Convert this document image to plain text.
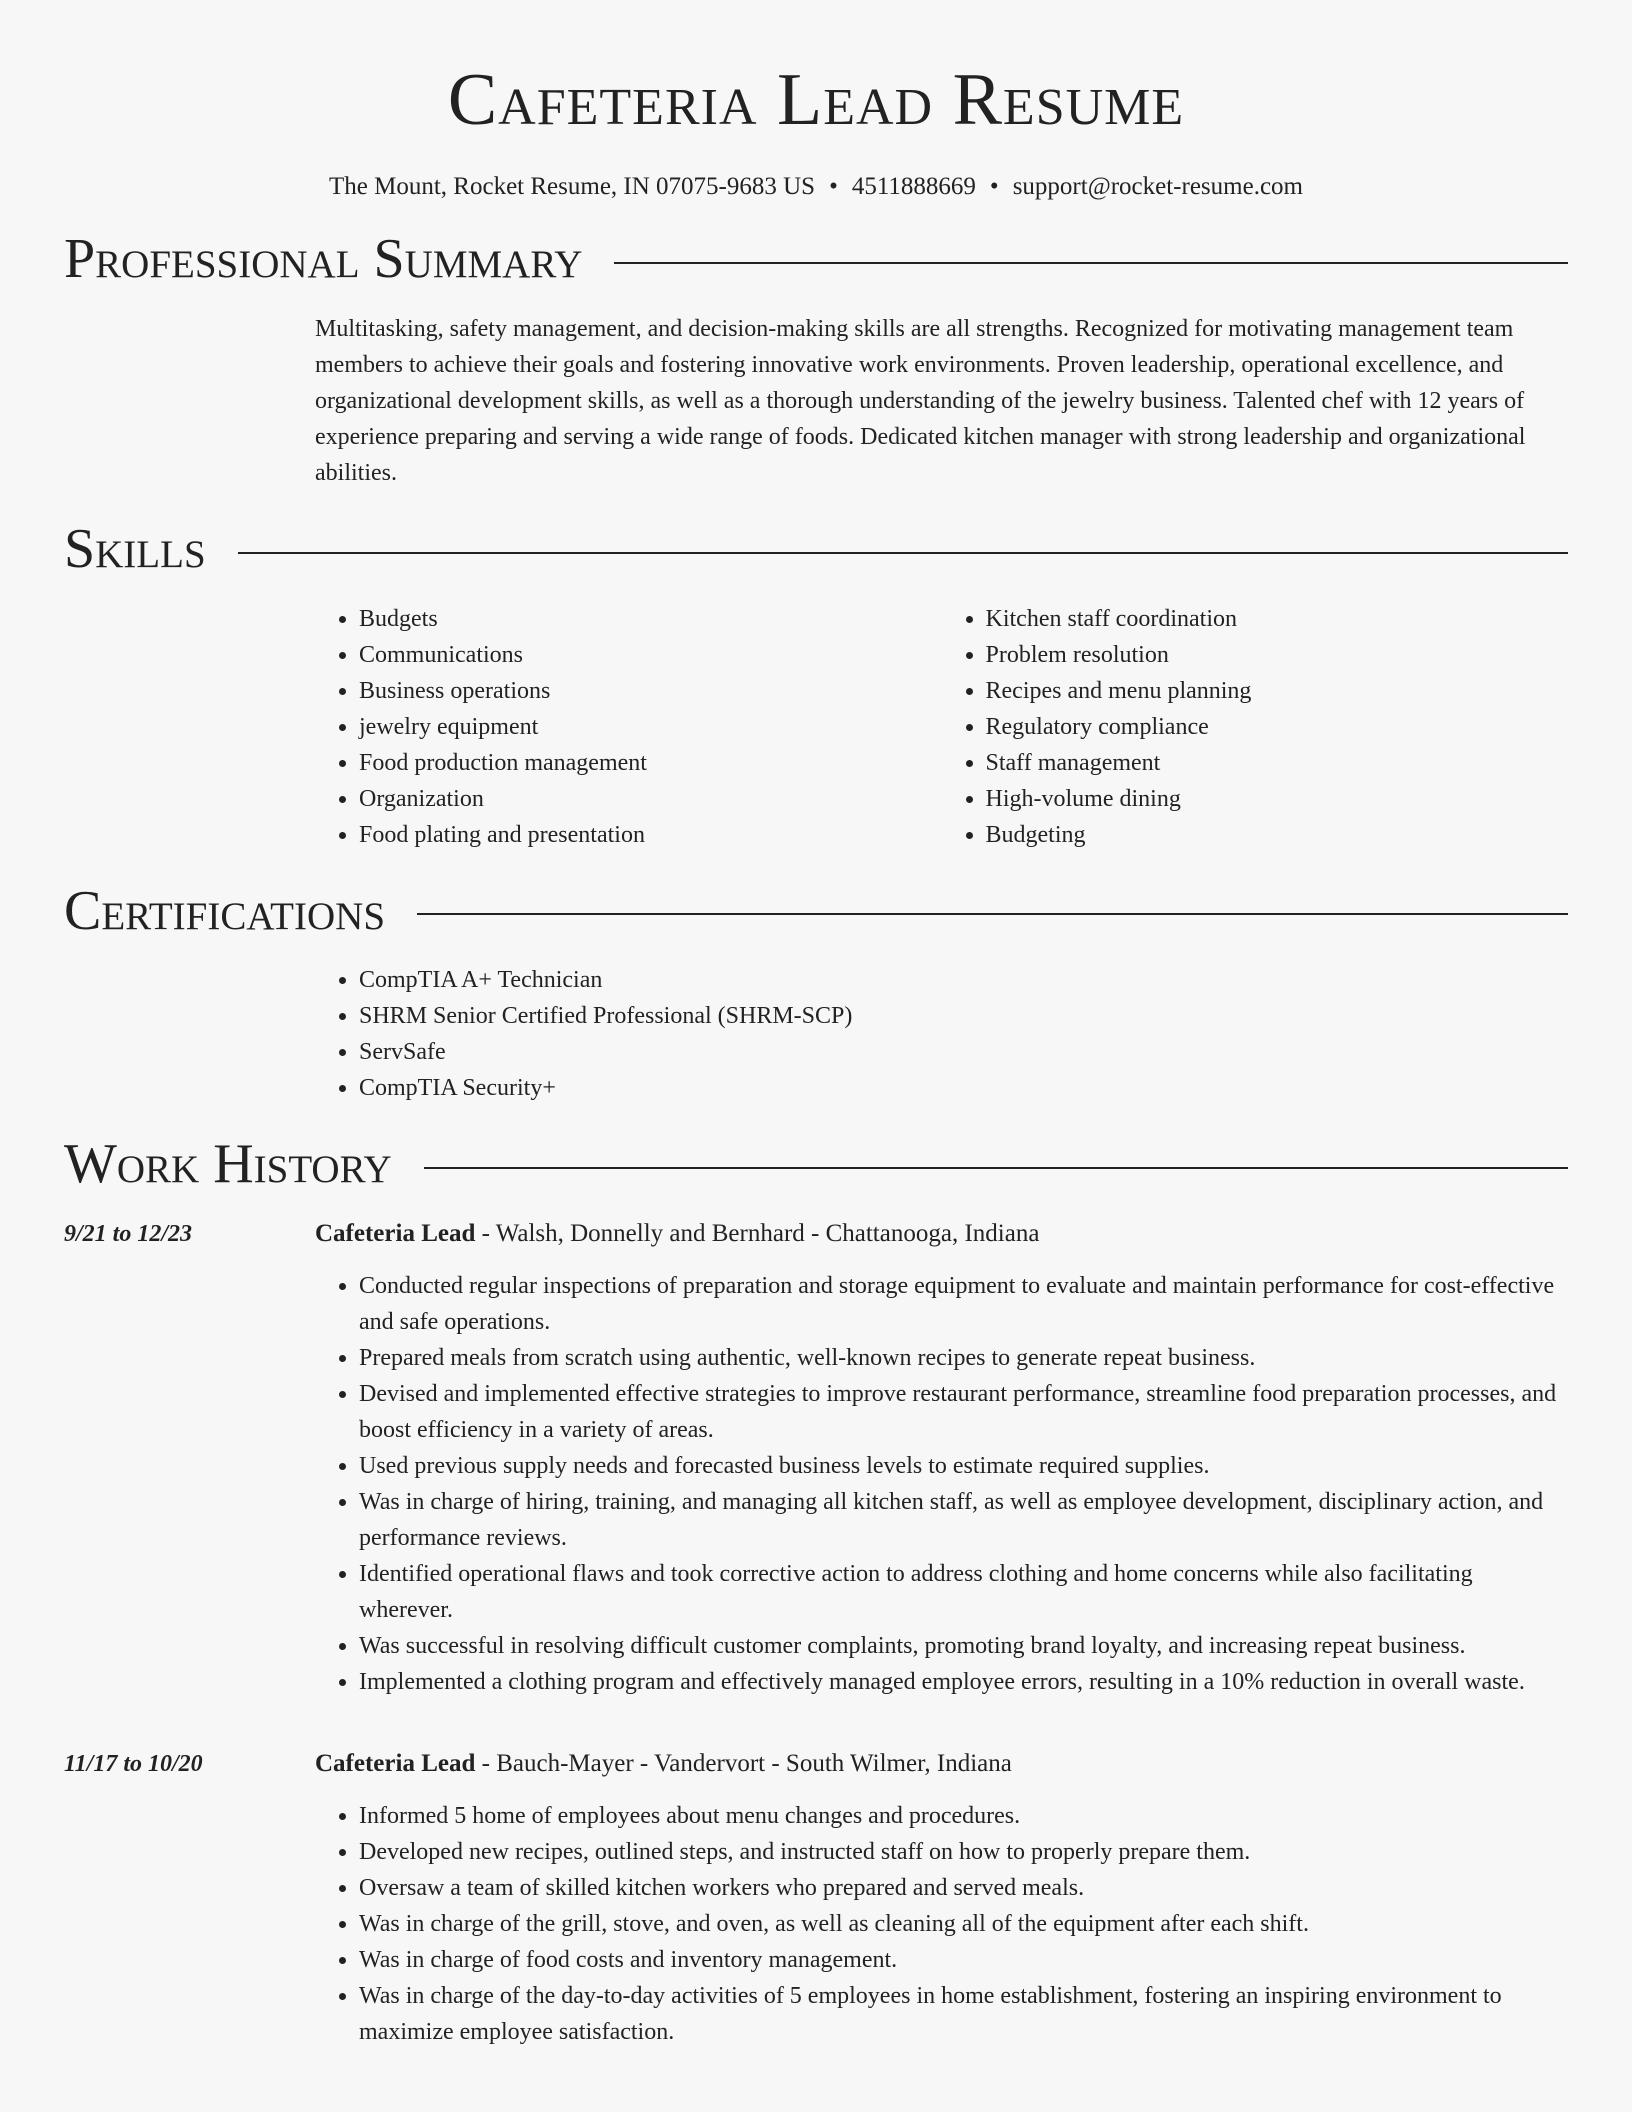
Cafeteria Lead Resume
The Mount, Rocket Resume, IN 07075-9683 US • 4511888669 • support@rocket-resume.com
Professional Summary

Multitasking, safety management, and decision-making skills are all strengths. Recognized for motivating management team members to achieve their goals and fostering innovative work environments. Proven leadership, operational excellence, and organizational development skills, as well as a thorough understanding of the jewelry business. Talented chef with 12 years of experience preparing and serving a wide range of foods. Dedicated kitchen manager with strong leadership and organizational abilities.

Skills
• Budgets
• Communications
• Business operations
• jewelry equipment
• Food production management
• Organization
• Food plating and presentation
• Kitchen staff coordination
• Problem resolution
• Recipes and menu planning
• Regulatory compliance
• Staff management
• High-volume dining
• Budgeting
Certifications
• CompTIA A+ Technician
• SHRM Senior Certified Professional (SHRM-SCP)
• ServSafe
• CompTIA Security+
Work History
9/21 to 12/23	Cafeteria Lead - Walsh, Donnelly and Bernhard - Chattanooga, Indiana
• Conducted regular inspections of preparation and storage equipment to evaluate and maintain performance for cost-effective and safe operations.
• Prepared meals from scratch using authentic, well-known recipes to generate repeat business.
• Devised and implemented effective strategies to improve restaurant performance, streamline food preparation processes, and boost efficiency in a variety of areas.
• Used previous supply needs and forecasted business levels to estimate required supplies.
• Was in charge of hiring, training, and managing all kitchen staff, as well as employee development, disciplinary action, and performance reviews.
• Identified operational flaws and took corrective action to address clothing and home concerns while also facilitating wherever.
• Was successful in resolving difficult customer complaints, promoting brand loyalty, and increasing repeat business.
• Implemented a clothing program and effectively managed employee errors, resulting in a 10% reduction in overall waste.
11/17 to 10/20	Cafeteria Lead - Bauch-Mayer - Vandervort - South Wilmer, Indiana
• Informed 5 home of employees about menu changes and procedures.
• Developed new recipes, outlined steps, and instructed staff on how to properly prepare them.
• Oversaw a team of skilled kitchen workers who prepared and served meals.
• Was in charge of the grill, stove, and oven, as well as cleaning all of the equipment after each shift.
• Was in charge of food costs and inventory management.
• Was in charge of the day-to-day activities of 5 employees in home establishment, fostering an inspiring environment to maximize employee satisfaction.
